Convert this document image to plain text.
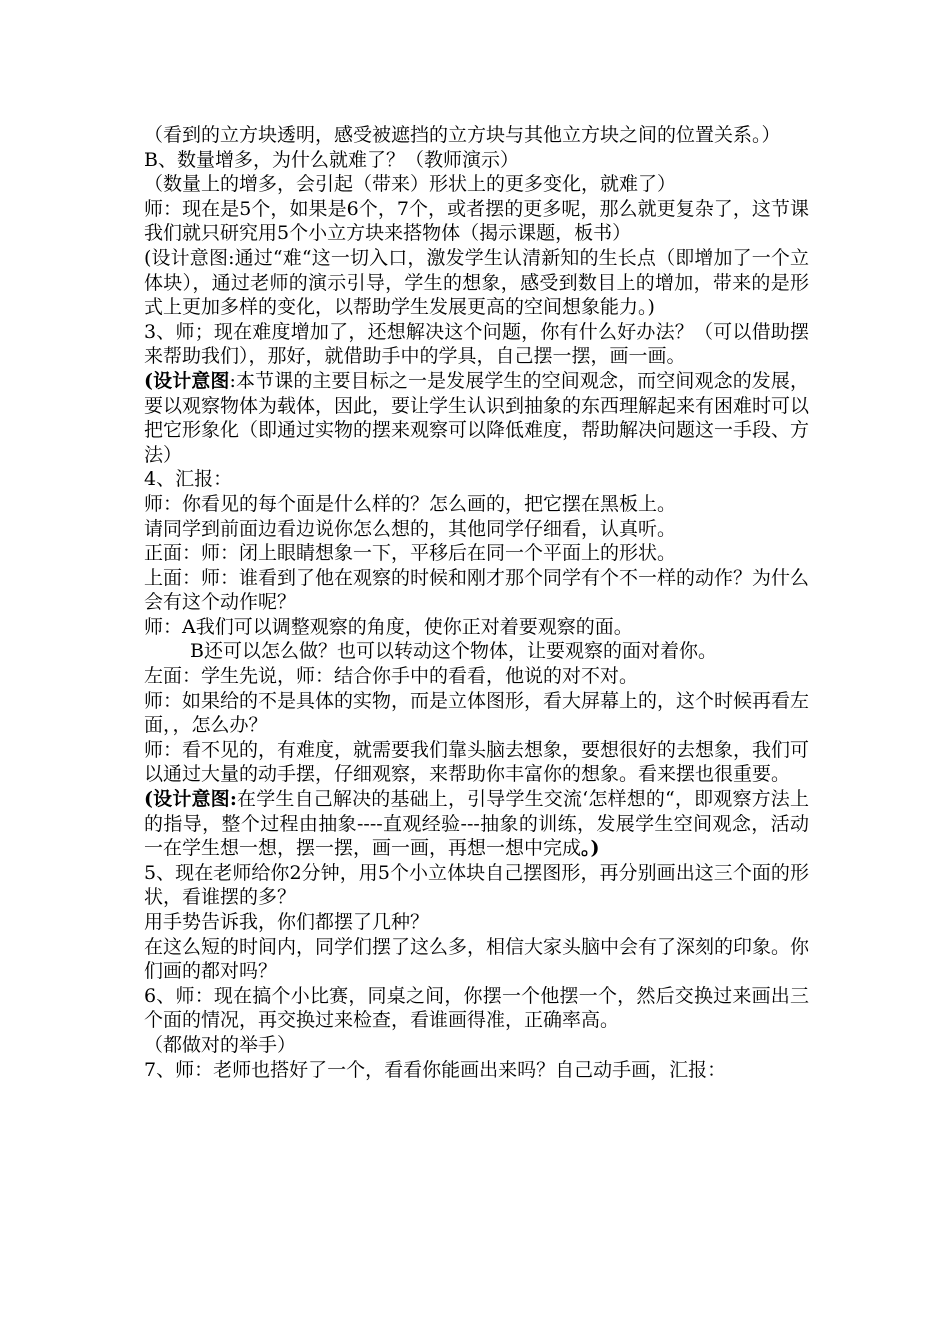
（看到的立方块透明，感受被遮挡的立方块与其他立方块之间的位置关系。）

B、数量增多，为什么就难了？（教师演示）

（数量上的增多，会引起（带来）形状上的更多变化，就难了）

师：现在是5个，如果是6个，7个，或者摆的更多呢，那么就更复杂了，这节课我们就只研究用5个小立方块来搭物体（揭示课题，板书）

(设计意图:通过“难“这一切入口，激发学生认清新知的生长点（即增加了一个立体块），通过老师的演示引导，学生的想象，感受到数目上的增加，带来的是形式上更加多样的变化，以帮助学生发展更高的空间想象能力。)

3、师；现在难度增加了，还想解决这个问题，你有什么好办法？（可以借助摆来帮助我们），那好，就借助手中的学具，自己摆一摆，画一画。

(设计意图:本节课的主要目标之一是发展学生的空间观念，而空间观念的发展，要以观察物体为载体，因此，要让学生认识到抽象的东西理解起来有困难时可以把它形象化（即通过实物的摆来观察可以降低难度，帮助解决问题这一手段、方法）

4、汇报：

师：你看见的每个面是什么样的？怎么画的，把它摆在黑板上。

请同学到前面边看边说你怎么想的，其他同学仔细看，认真听。

正面：师：闭上眼睛想象一下，平移后在同一个平面上的形状。

上面：师：谁看到了他在观察的时候和刚才那个同学有个不一样的动作？为什么会有这个动作呢？

师：A我们可以调整观察的角度，使你正对着要观察的面。

B还可以怎么做？也可以转动这个物体，让要观察的面对着你。

左面：学生先说，师：结合你手中的看看，他说的对不对。

师：如果给的不是具体的实物，而是立体图形，看大屏幕上的，这个时候再看左面，，怎么办？

师：看不见的，有难度，就需要我们靠头脑去想象，要想很好的去想象，我们可以通过大量的动手摆，仔细观察，来帮助你丰富你的想象。看来摆也很重要。

(设计意图:在学生自己解决的基础上，引导学生交流‘怎样想的“，即观察方法上的指导，整个过程由抽象----直观经验---抽象的训练，发展学生空间观念，活动一在学生想一想，摆一摆，画一画，再想一想中完成。)

5、现在老师给你2分钟，用5个小立体块自己摆图形，再分别画出这三个面的形状，看谁摆的多？

用手势告诉我，你们都摆了几种？

在这么短的时间内，同学们摆了这么多，相信大家头脑中会有了深刻的印象。你们画的都对吗？

6、师：现在搞个小比赛，同桌之间，你摆一个他摆一个，然后交换过来画出三个面的情况，再交换过来检查，看谁画得准，正确率高。

（都做对的举手）

7、师：老师也搭好了一个，看看你能画出来吗？自己动手画，汇报：
